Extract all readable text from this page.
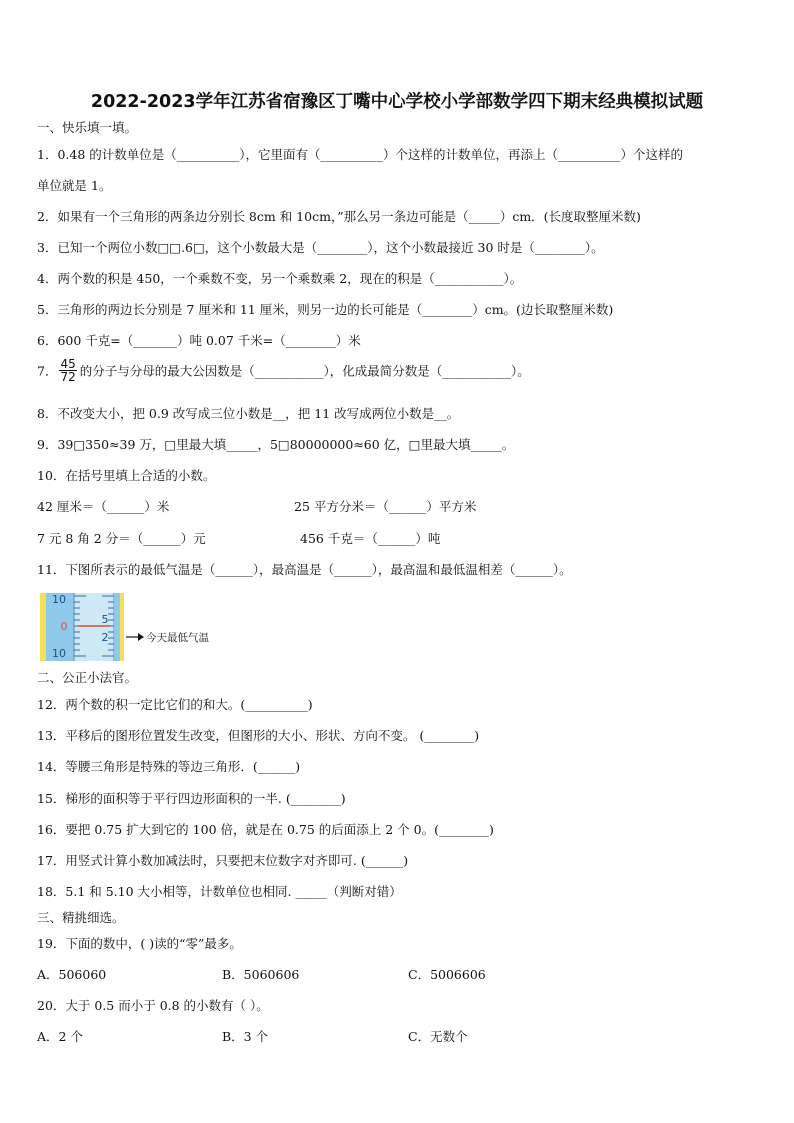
2022-2023学年江苏省宿豫区丁嘴中心学校小学部数学四下期末经典模拟试题
一、快乐填一填。
1．0.48 的计数单位是（__________），它里面有（__________）个这样的计数单位，再添上（__________）个这样的
单位就是 1。
2．如果有一个三角形的两条边分别长 8cm 和 10cm，”那么另一条边可能是（_____）cm．(长度取整厘米数)
3．已知一个两位小数□□.6□，这个小数最大是（________），这个小数最接近 30 时是（________）。
4．两个数的积是 450，一个乘数不变，另一个乘数乘 2，现在的积是（___________）。
5．三角形的两边长分别是 7 厘米和 11 厘米，则另一边的长可能是（________）cm。(边长取整厘米数)
6．600 千克=（_______）吨 0.07 千米=（________）米
7． $\frac{45}{72}$ 的分子与分母的最大公因数是（___________），化成最简分数是（___________）。
8．不改变大小，把 0.9 改写成三位小数是__，把 11 改写成两位小数是__。
9．39□350≈39 万，□里最大填_____，5□80000000≈60 亿，□里最大填_____。
10．在括号里填上合适的小数。
42 厘米＝（______）米	25 平方分米＝（______）平方米
7 元 8 角 2 分＝（______）元	456 千克＝（______）吨
11．下图所表示的最低气温是（______），最高温是（______），最高温和最低温相差（______）。
10
0
10
5
2	今天最低气温
二、公正小法官。
12．两个数的积一定比它们的和大。(__________)
13．平移后的图形位置发生改变，但图形的大小、形状、方向不变。 (________)
14．等腰三角形是特殊的等边三角形．(______)
15．梯形的面积等于平行四边形面积的一半. (________)
16．要把 0.75 扩大到它的 100 倍，就是在 0.75 的后面添上 2 个 0。(________)
17．用竖式计算小数加减法时，只要把末位数字对齐即可. (______)
18．5.1 和 5.10 大小相等，计数单位也相同. _____（判断对错）
三、精挑细选。
19．下面的数中，( )读的“零”最多。
A．506060	B．5060606	C．5006606
20．大于 0.5 而小于 0.8 的小数有（ ）。
A．2 个	B．3 个	C．无数个
